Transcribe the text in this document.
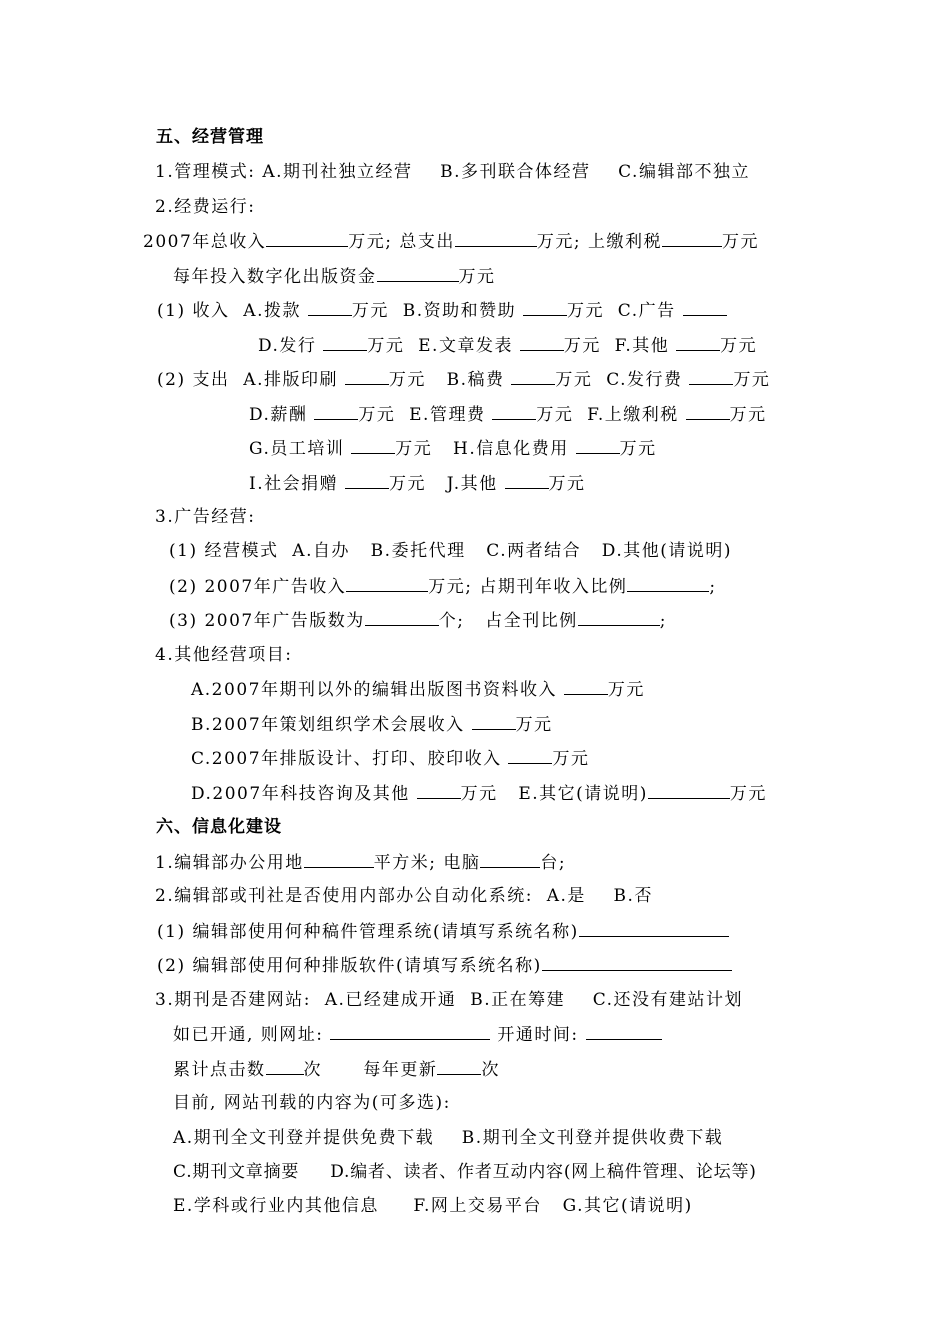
五、经营管理
1.管理模式: A.期刊社独立经营    B.多刊联合体经营    C.编辑部不独立
2.经费运行:
2007年总收入	万元; 总支出	万元; 上缴利税	万元
每年投入数字化出版资金	万元
(1) 收入  A.拨款	万元  B.资助和赞助	万元  C.广告
D.发行	万元  E.文章发表	万元  F.其他	万元
(2) 支出  A.排版印刷	万元   B.稿费	万元  C.发行费	万元
D.薪酬	万元  E.管理费	万元  F.上缴利税	万元
G.员工培训	万元   H.信息化费用	万元
I.社会捐赠	万元   J.其他	万元
3.广告经营:
(1) 经营模式  A.自办   B.委托代理   C.两者结合   D.其他(请说明)
(2) 2007年广告收入	万元; 占期刊年收入比例	;
(3) 2007年广告版数为	个;   占全刊比例	;
4.其他经营项目:
A.2007年期刊以外的编辑出版图书资料收入	万元
B.2007年策划组织学术会展收入	万元
C.2007年排版设计、打印、胶印收入	万元
D.2007年科技咨询及其他	万元   E.其它(请说明)	万元
六、信息化建设
1.编辑部办公用地	平方米; 电脑	台;
2.编辑部或刊社是否使用内部办公自动化系统:  A.是    B.否
(1) 编辑部使用何种稿件管理系统(请填写系统名称)
(2) 编辑部使用何种排版软件(请填写系统名称)
3.期刊是否建网站:  A.已经建成开通  B.正在筹建    C.还没有建站计划
如已开通, 则网址:	开通时间:
累计点击数 次      每年更新	次
目前, 网站刊载的内容为(可多选):
A.期刊全文刊登并提供免费下载    B.期刊全文刊登并提供收费下载
C.期刊文章摘要     D.编者、读者、作者互动内容(网上稿件管理、论坛等)
E.学科或行业内其他信息     F.网上交易平台   G.其它(请说明)
